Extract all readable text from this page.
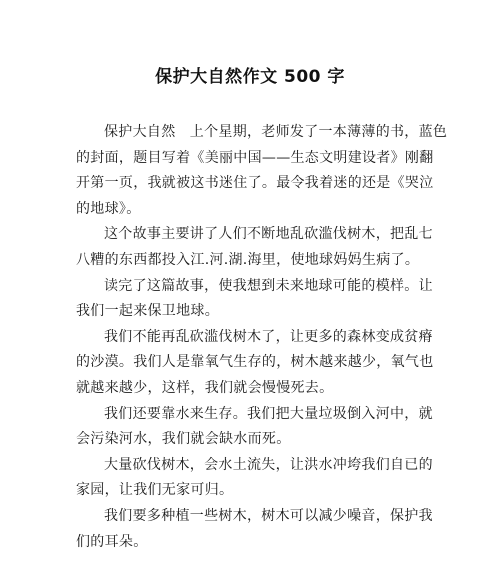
保护大自然作文 500 字
保护大自然　上个星期，老师发了一本薄薄的书，蓝色
的封面，题目写着《美丽中国——生态文明建设者》刚翻
开第一页，我就被这书迷住了。最令我着迷的还是《哭泣
的地球》。
这个故事主要讲了人们不断地乱砍滥伐树木，把乱七
八糟的东西都投入江.河.湖.海里，使地球妈妈生病了。
读完了这篇故事，使我想到未来地球可能的模样。让
我们一起来保卫地球。
我们不能再乱砍滥伐树木了，让更多的森林变成贫瘠
的沙漠。我们人是靠氧气生存的，树木越来越少，氧气也
就越来越少，这样，我们就会慢慢死去。
我们还要靠水来生存。我们把大量垃圾倒入河中，就
会污染河水，我们就会缺水而死。
大量砍伐树木，会水土流失，让洪水冲垮我们自已的
家园，让我们无家可归。
我们要多种植一些树木，树木可以减少噪音，保护我
们的耳朵。
